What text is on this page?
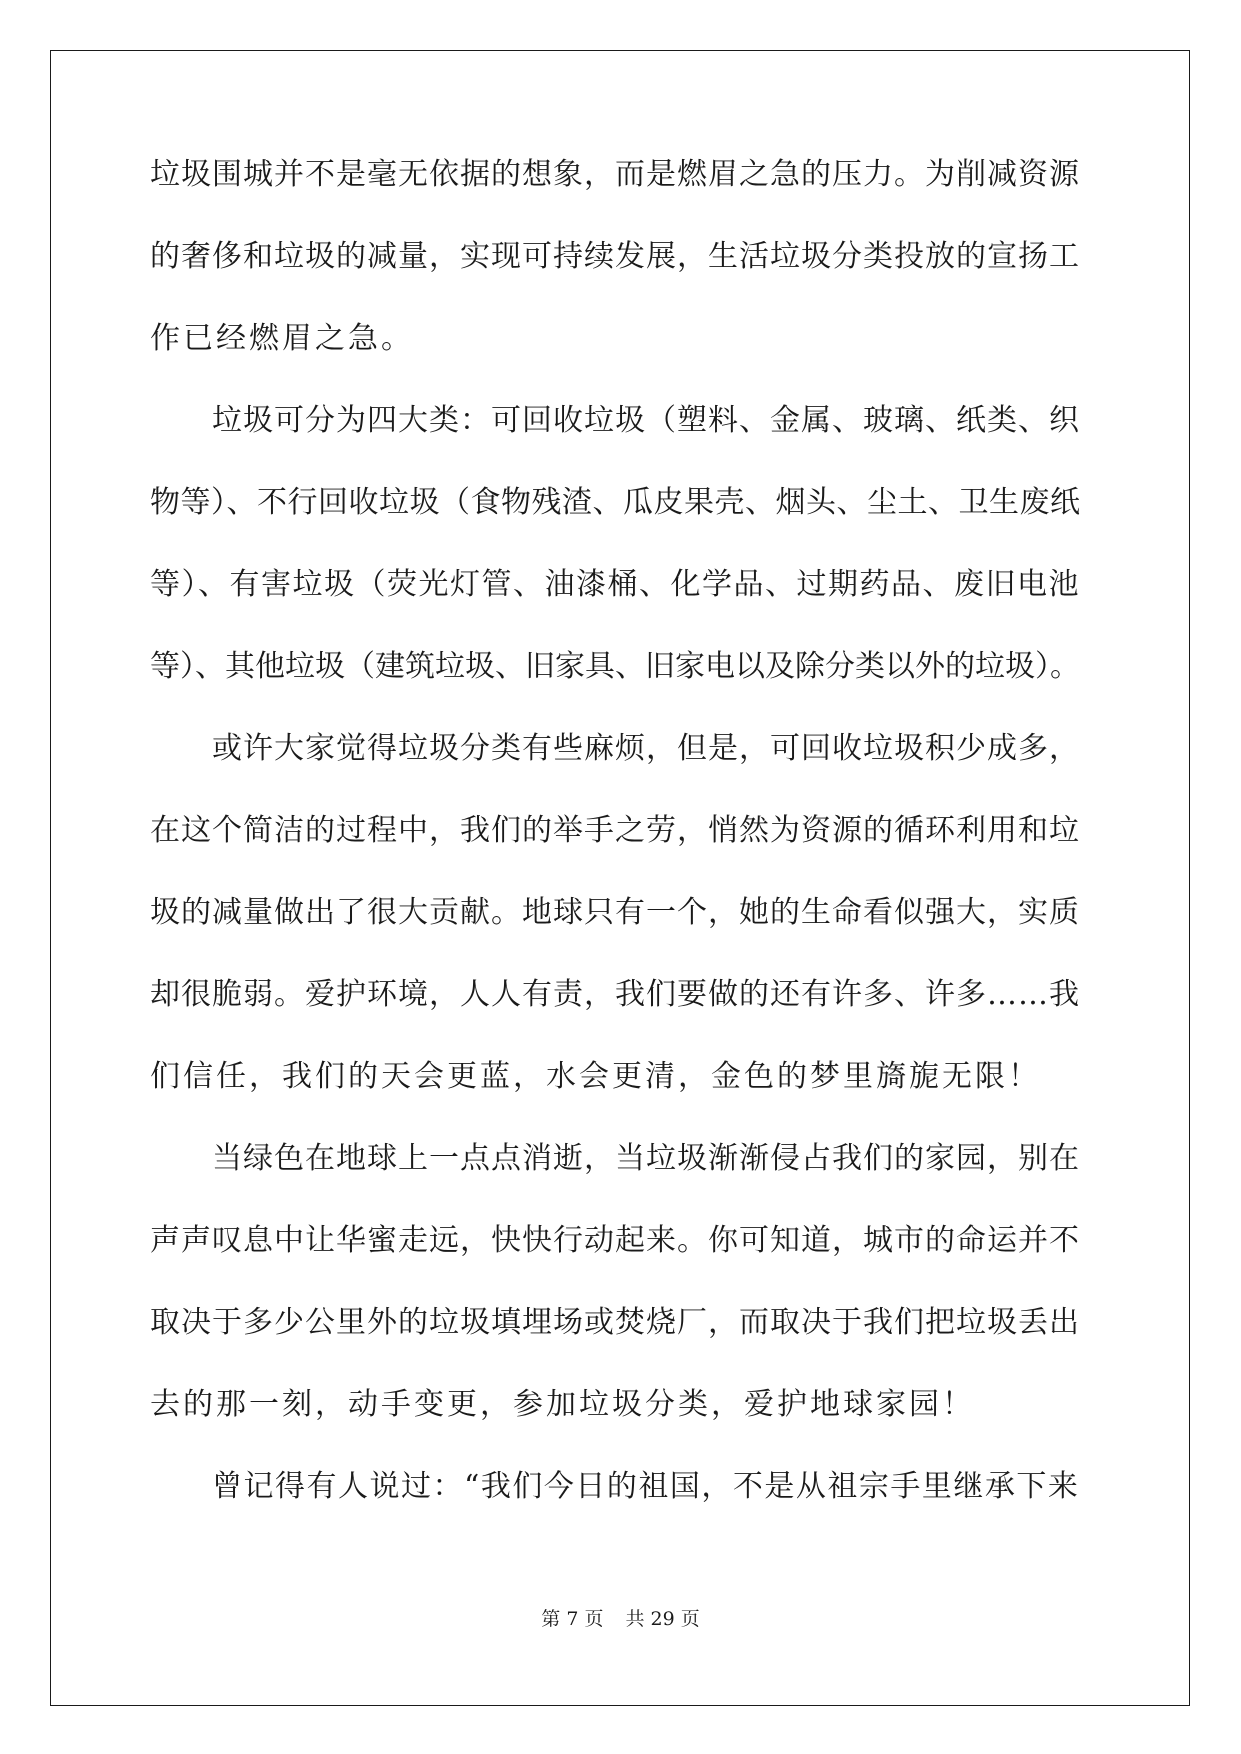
垃圾围城并不是毫无依据的想象，而是燃眉之急的压力。为削减资源
的奢侈和垃圾的减量，实现可持续发展，生活垃圾分类投放的宣扬工
作已经燃眉之急。
垃圾可分为四大类：可回收垃圾（塑料、金属、玻璃、纸类、织
物等）、不行回收垃圾（食物残渣、瓜皮果壳、烟头、尘土、卫生废纸
等）、有害垃圾（荧光灯管、油漆桶、化学品、过期药品、废旧电池
等）、其他垃圾（建筑垃圾、旧家具、旧家电以及除分类以外的垃圾）。
或许大家觉得垃圾分类有些麻烦，但是，可回收垃圾积少成多，
在这个简洁的过程中，我们的举手之劳，悄然为资源的循环利用和垃
圾的减量做出了很大贡献。地球只有一个，她的生命看似强大，实质
却很脆弱。爱护环境，人人有责，我们要做的还有许多、许多……我
们信任，我们的天会更蓝，水会更清，金色的梦里旖旎无限！
当绿色在地球上一点点消逝，当垃圾渐渐侵占我们的家园，别在
声声叹息中让华蜜走远，快快行动起来。你可知道，城市的命运并不
取决于多少公里外的垃圾填埋场或焚烧厂，而取决于我们把垃圾丢出
去的那一刻，动手变更，参加垃圾分类，爱护地球家园！
曾记得有人说过：“我们今日的祖国，不是从祖宗手里继承下来
第 7 页 共 29 页
